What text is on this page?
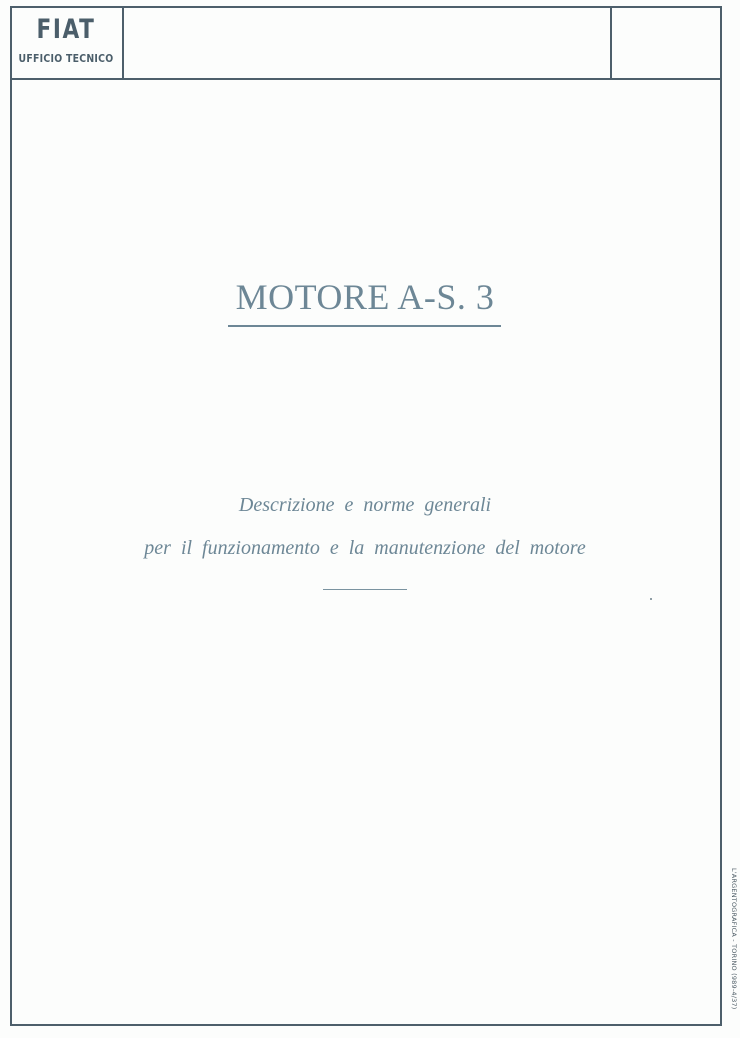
FIAT
UFFICIO TECNICO
MOTORE A-S. 3
Descrizione e norme generali
per il funzionamento e la manutenzione del motore
L'ARGENTOGRAFICA - TORINO (989-4/37)
